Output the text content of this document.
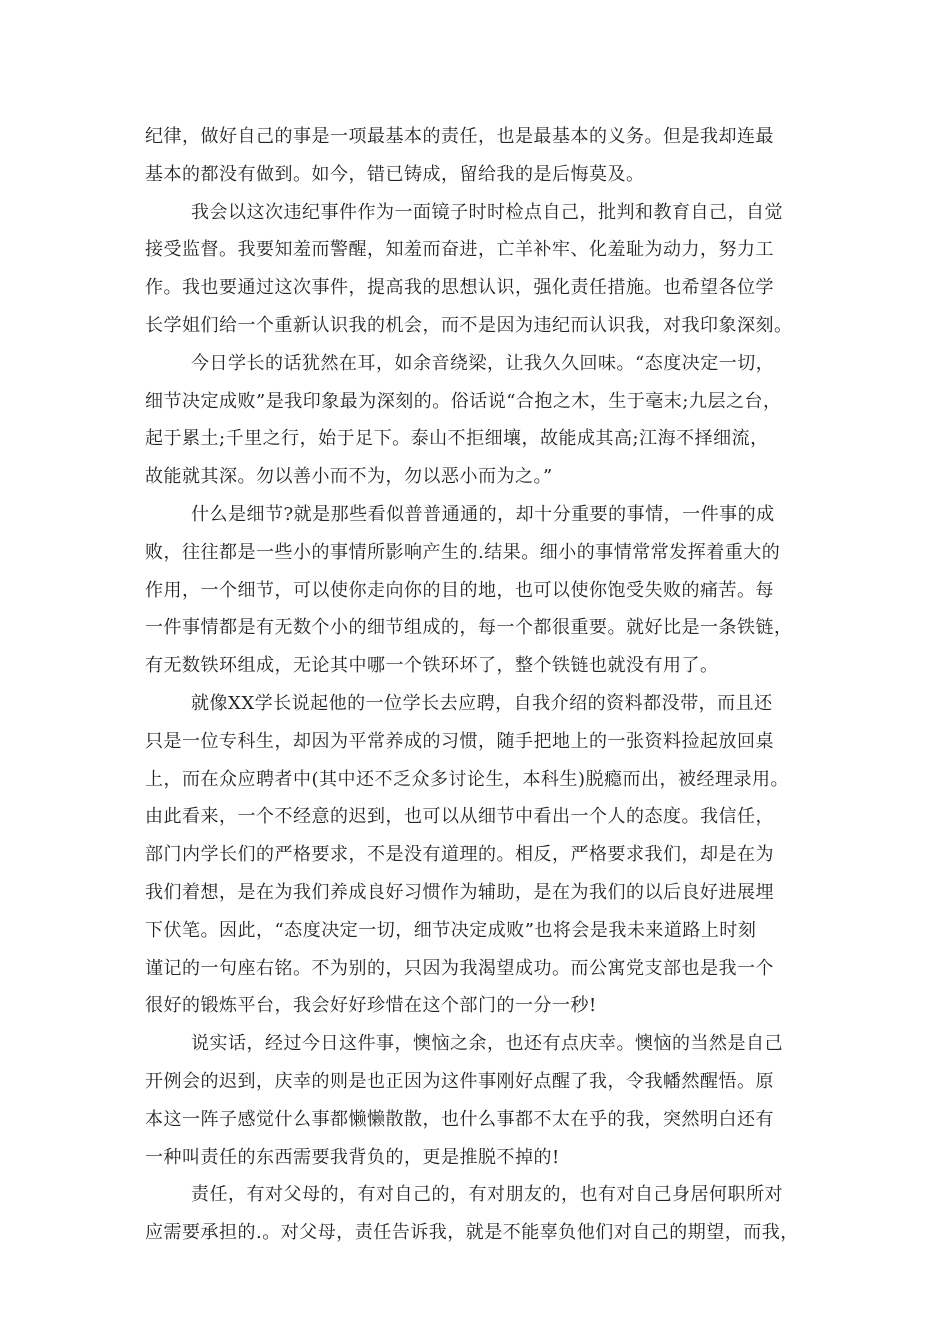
纪律，做好自己的事是一项最基本的责任，也是最基本的义务。但是我却连最
基本的都没有做到。如今，错已铸成，留给我的是后悔莫及。
我会以这次违纪事件作为一面镜子时时检点自己，批判和教育自己，自觉
接受监督。我要知羞而警醒，知羞而奋进，亡羊补牢、化羞耻为动力，努力工
作。我也要通过这次事件，提高我的思想认识，强化责任措施。也希望各位学
长学姐们给一个重新认识我的机会，而不是因为违纪而认识我，对我印象深刻。
今日学长的话犹然在耳，如余音绕梁，让我久久回味。“态度决定一切，
细节决定成败”是我印象最为深刻的。俗话说“合抱之木，生于毫末;九层之台，
起于累土;千里之行，始于足下。泰山不拒细壤，故能成其高;江海不择细流，
故能就其深。勿以善小而不为，勿以恶小而为之。”
什么是细节?就是那些看似普普通通的，却十分重要的事情，一件事的成
败，往往都是一些小的事情所影响产生的.结果。细小的事情常常发挥着重大的
作用，一个细节，可以使你走向你的目的地，也可以使你饱受失败的痛苦。每
一件事情都是有无数个小的细节组成的，每一个都很重要。就好比是一条铁链，
有无数铁环组成，无论其中哪一个铁环坏了，整个铁链也就没有用了。
就像XX学长说起他的一位学长去应聘，自我介绍的资料都没带，而且还
只是一位专科生，却因为平常养成的习惯，随手把地上的一张资料捡起放回桌
上，而在众应聘者中(其中还不乏众多讨论生，本科生)脱瘾而出，被经理录用。
由此看来，一个不经意的迟到，也可以从细节中看出一个人的态度。我信任，
部门内学长们的严格要求，不是没有道理的。相反，严格要求我们，却是在为
我们着想，是在为我们养成良好习惯作为辅助，是在为我们的以后良好进展埋
下伏笔。因此，“态度决定一切，细节决定成败”也将会是我未来道路上时刻
谨记的一句座右铭。不为别的，只因为我渴望成功。而公寓党支部也是我一个
很好的锻炼平台，我会好好珍惜在这个部门的一分一秒!
说实话，经过今日这件事，懊恼之余，也还有点庆幸。懊恼的当然是自己
开例会的迟到，庆幸的则是也正因为这件事刚好点醒了我，令我幡然醒悟。原
本这一阵子感觉什么事都懒懒散散，也什么事都不太在乎的我，突然明白还有
一种叫责任的东西需要我背负的，更是推脱不掉的!
责任，有对父母的，有对自己的，有对朋友的，也有对自己身居何职所对
应需要承担的.。对父母，责任告诉我，就是不能辜负他们对自己的期望，而我，
